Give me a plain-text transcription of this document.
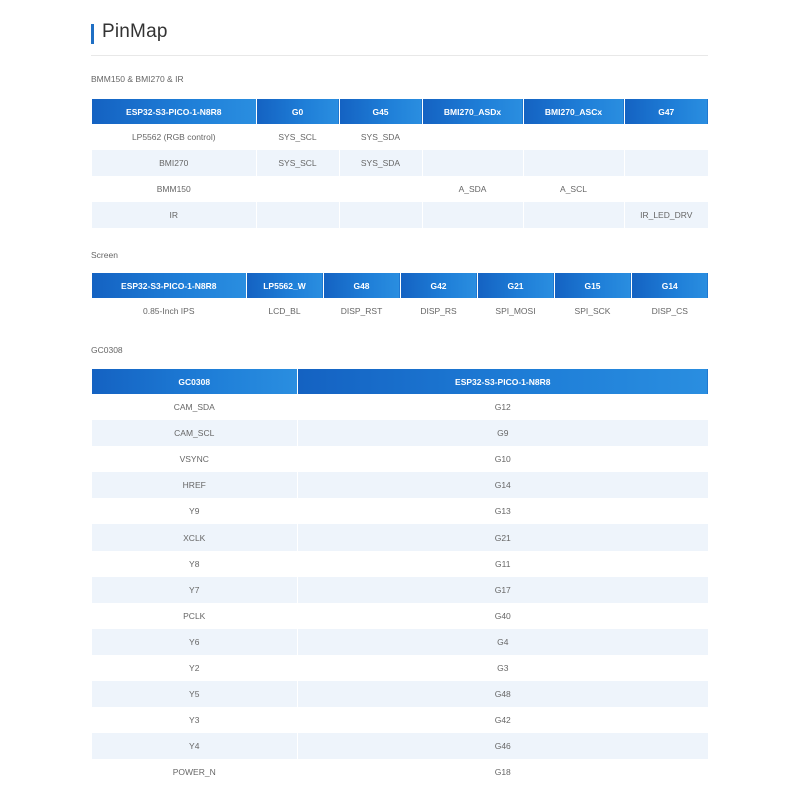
PinMap
BMM150 & BMI270 & IR
ESP32-S3-PICO-1-N8R8	G0	G45	BMI270_ASDx	BMI270_ASCx	G47
LP5562 (RGB control)	SYS_SCL	SYS_SDA			
BMI270	SYS_SCL	SYS_SDA			
BMM150			A_SDA	A_SCL	
IR					IR_LED_DRV
Screen
ESP32-S3-PICO-1-N8R8	LP5562_W	G48	G42	G21	G15	G14
0.85-Inch IPS	LCD_BL	DISP_RST	DISP_RS	SPI_MOSI	SPI_SCK	DISP_CS
GC0308
GC0308	ESP32-S3-PICO-1-N8R8
CAM_SDA	G12
CAM_SCL	G9
VSYNC	G10
HREF	G14
Y9	G13
XCLK	G21
Y8	G11
Y7	G17
PCLK	G40
Y6	G4
Y2	G3
Y5	G48
Y3	G42
Y4	G46
POWER_N	G18
